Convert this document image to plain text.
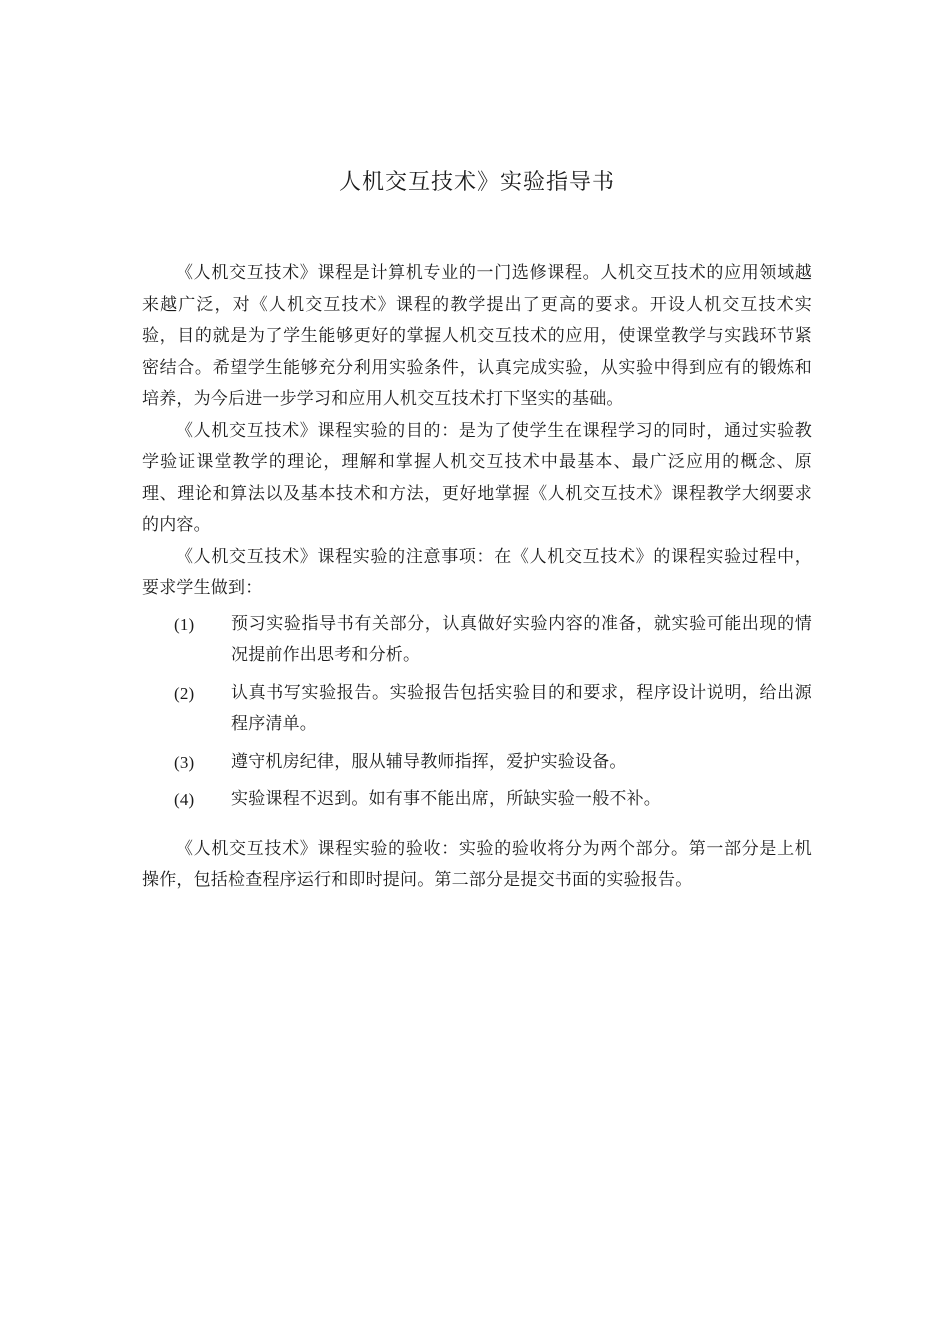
人机交互技术》实验指导书

《人机交互技术》课程是计算机专业的一门选修课程。人机交互技术的应用领域越来越广泛，对《人机交互技术》课程的教学提出了更高的要求。开设人机交互技术实验，目的就是为了学生能够更好的掌握人机交互技术的应用，使课堂教学与实践环节紧密结合。希望学生能够充分利用实验条件，认真完成实验，从实验中得到应有的锻炼和培养，为今后进一步学习和应用人机交互技术打下坚实的基础。

《人机交互技术》课程实验的目的：是为了使学生在课程学习的同时，通过实验教学验证课堂教学的理论，理解和掌握人机交互技术中最基本、最广泛应用的概念、原理、理论和算法以及基本技术和方法，更好地掌握《人机交互技术》课程教学大纲要求的内容。

《人机交互技术》课程实验的注意事项：在《人机交互技术》的课程实验过程中，要求学生做到：

(1)	预习实验指导书有关部分，认真做好实验内容的准备，就实验可能出现的情况提前作出思考和分析。
(2)	认真书写实验报告。实验报告包括实验目的和要求，程序设计说明，给出源程序清单。
(3)	遵守机房纪律，服从辅导教师指挥，爱护实验设备。
(4)	实验课程不迟到。如有事不能出席，所缺实验一般不补。

《人机交互技术》课程实验的验收：实验的验收将分为两个部分。第一部分是上机操作，包括检查程序运行和即时提问。第二部分是提交书面的实验报告。
